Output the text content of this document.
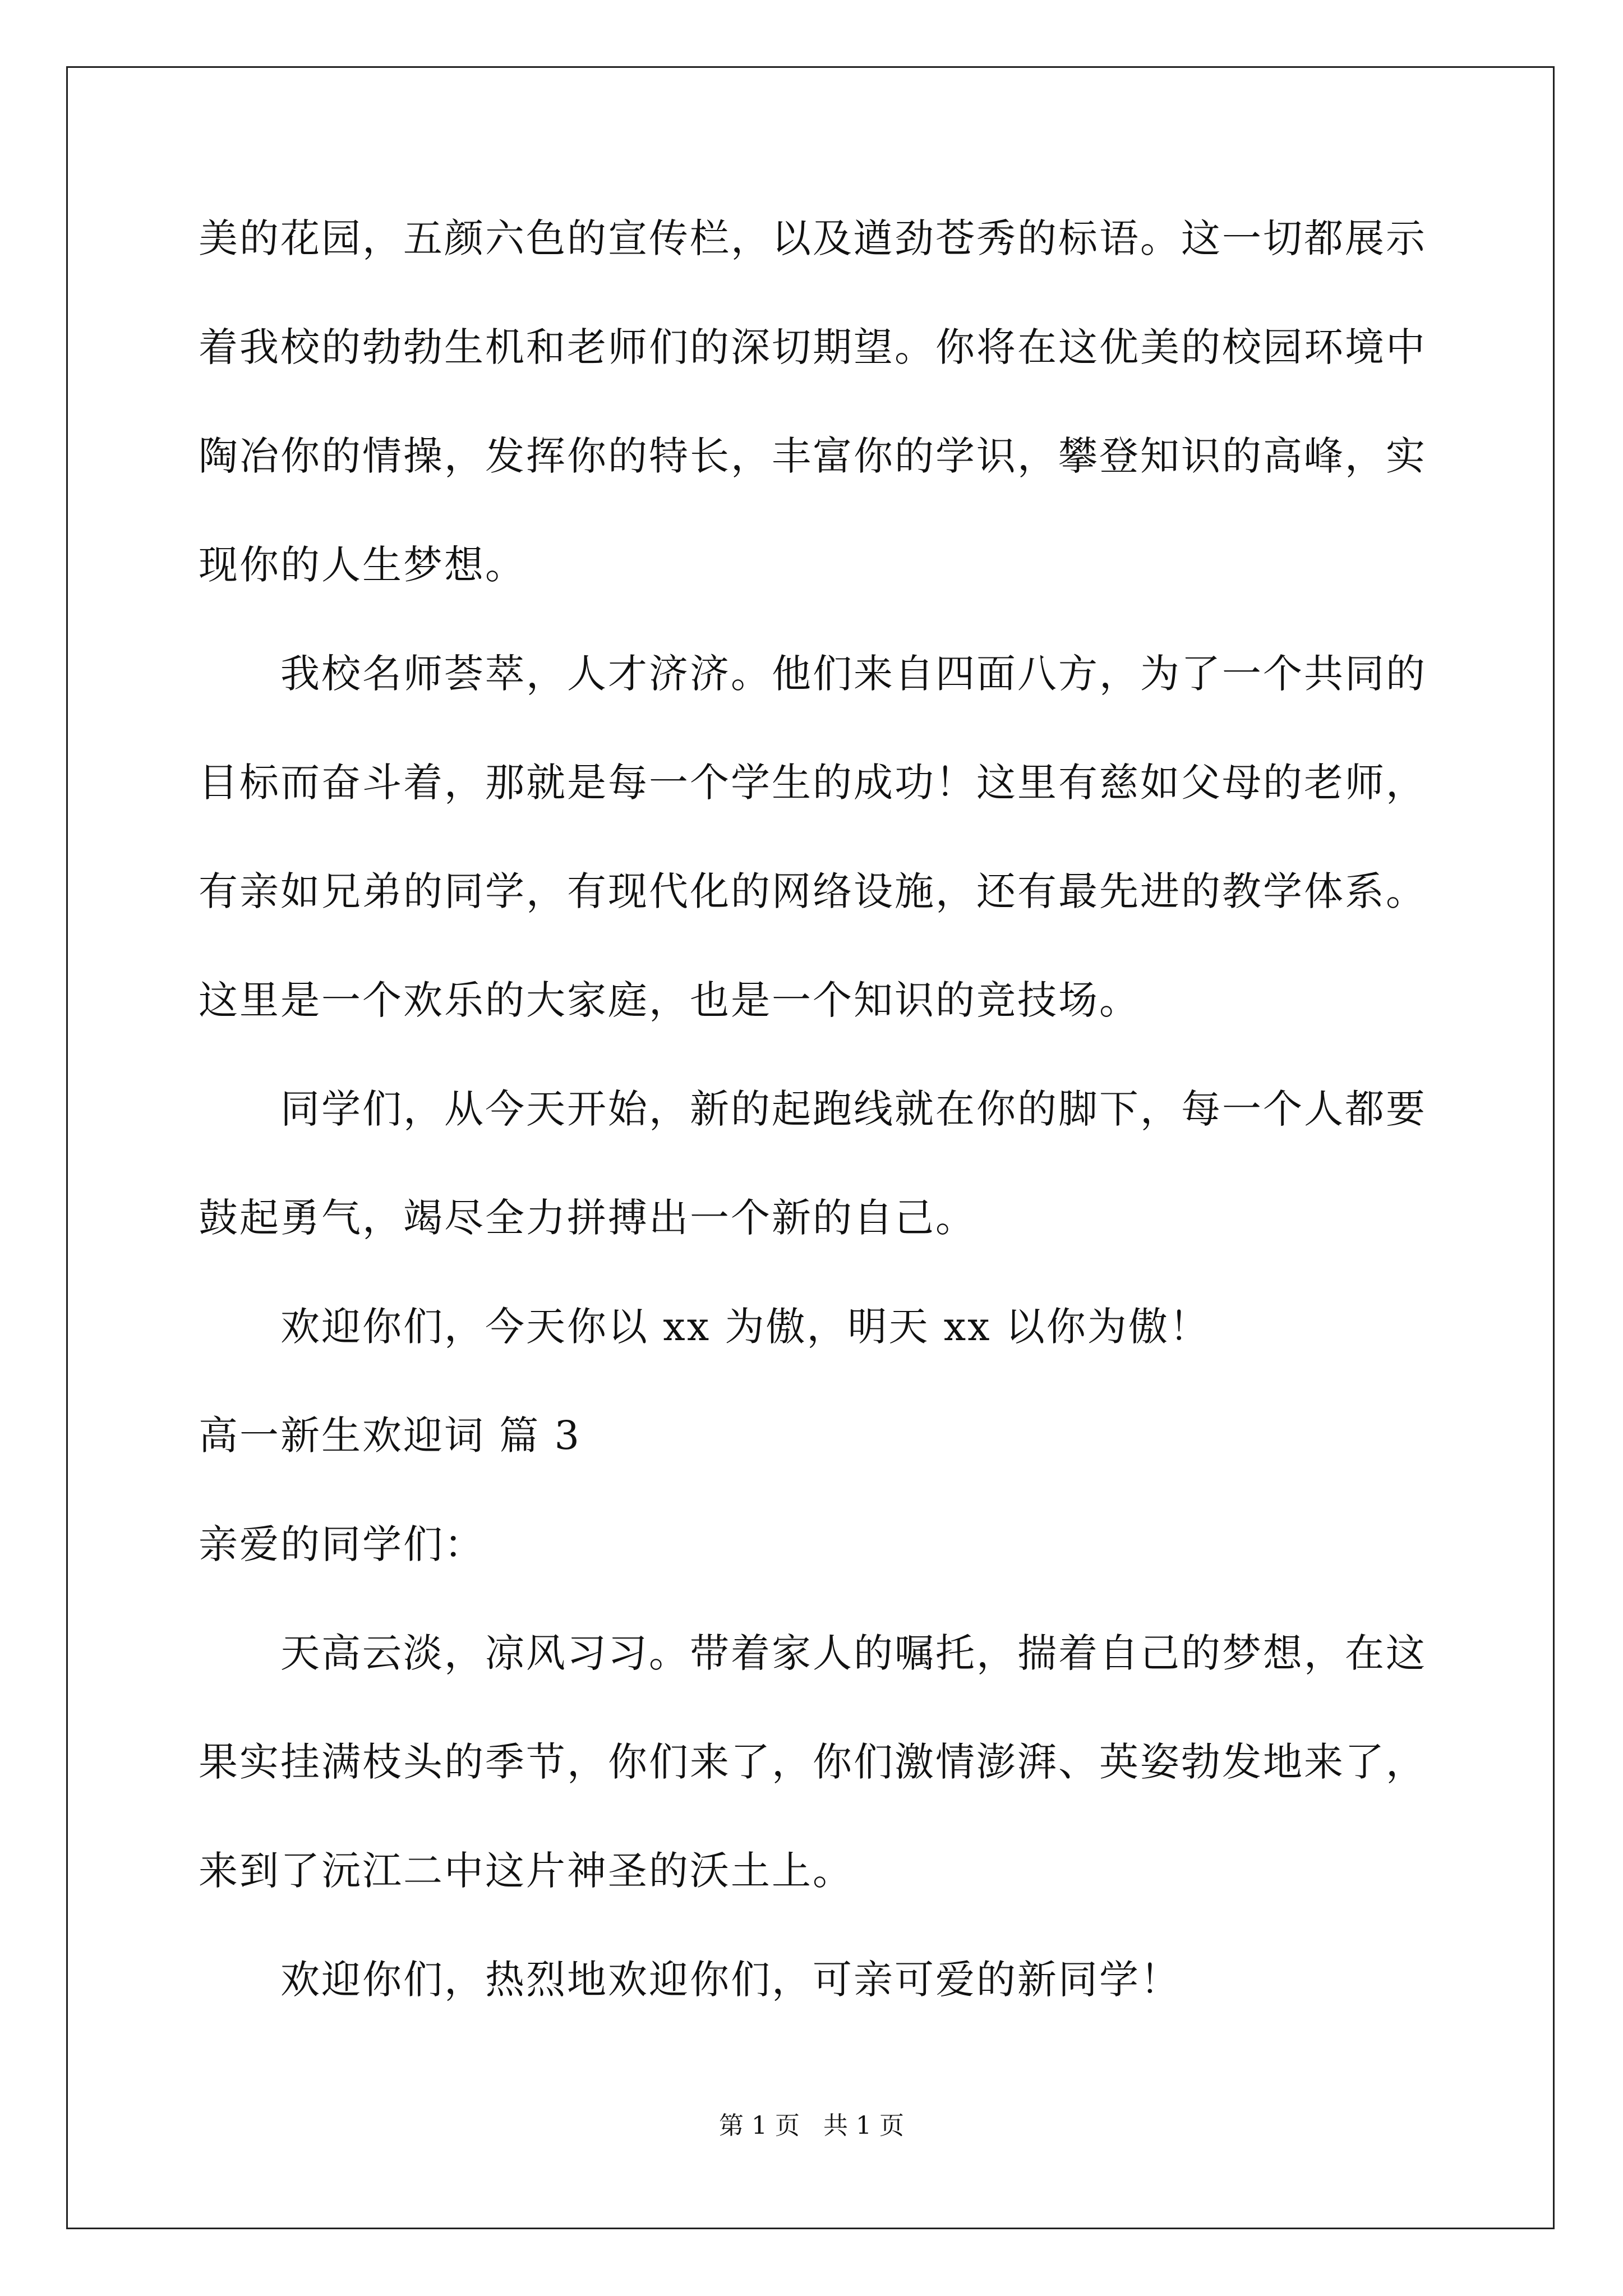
美的花园，五颜六色的宣传栏，以及遒劲苍秀的标语。这一切都展示
着我校的勃勃生机和老师们的深切期望。你将在这优美的校园环境中
陶冶你的情操，发挥你的特长，丰富你的学识，攀登知识的高峰，实
现你的人生梦想。
我校名师荟萃，人才济济。他们来自四面八方，为了一个共同的
目标而奋斗着，那就是每一个学生的成功！这里有慈如父母的老师，
有亲如兄弟的同学，有现代化的网络设施，还有最先进的教学体系。
这里是一个欢乐的大家庭，也是一个知识的竞技场。
同学们，从今天开始，新的起跑线就在你的脚下，每一个人都要
鼓起勇气，竭尽全力拼搏出一个新的自己。
欢迎你们，今天你以 xx 为傲，明天 xx 以你为傲！
高一新生欢迎词 篇 3
亲爱的同学们：
天高云淡，凉风习习。带着家人的嘱托，揣着自己的梦想，在这
果实挂满枝头的季节，你们来了，你们激情澎湃、英姿勃发地来了，
来到了沅江二中这片神圣的沃土上。
欢迎你们，热烈地欢迎你们，可亲可爱的新同学！
第 1 页   共 1 页
